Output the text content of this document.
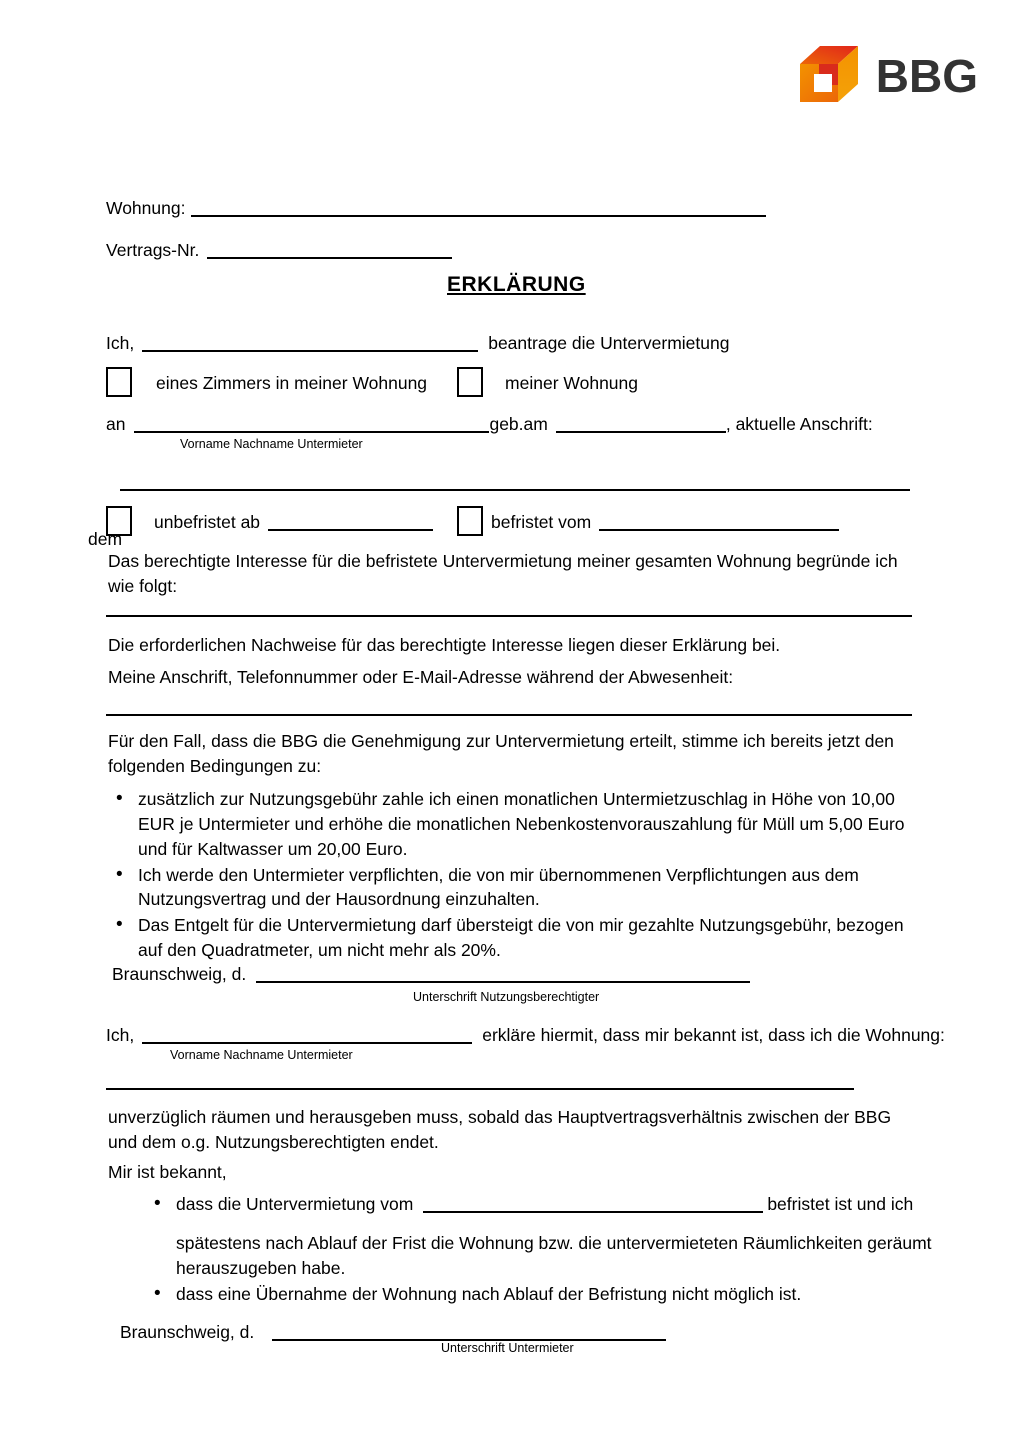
BBG
Wohnung:
Vertrags-Nr.
ERKLÄRUNG
Ich,	beantrage die Untervermietung
eines Zimmers in meiner Wohnung	meiner Wohnung
an	geb.am	, aktuelle Anschrift:
Vorname Nachname Untermieter
unbefristet ab	befristet vom
dem
Das berechtigte Interesse für die befristete Untervermietung meiner gesamten Wohnung begründe ich wie folgt:
Die erforderlichen Nachweise für das berechtigte Interesse liegen dieser Erklärung bei.
Meine Anschrift, Telefonnummer oder E-Mail-Adresse während der Abwesenheit:
Für den Fall, dass die BBG die Genehmigung zur Untervermietung erteilt, stimme ich bereits jetzt den folgenden Bedingungen zu:
• zusätzlich zur Nutzungsgebühr zahle ich einen monatlichen Untermietzuschlag in Höhe von 10,00 EUR je Untermieter und erhöhe die monatlichen Nebenkostenvorauszahlung für Müll um 5,00 Euro und für Kaltwasser um 20,00 Euro.
• Ich werde den Untermieter verpflichten, die von mir übernommenen Verpflichtungen aus dem Nutzungsvertrag und der Hausordnung einzuhalten.
• Das Entgelt für die Untervermietung darf übersteigt die von mir gezahlte Nutzungsgebühr, bezogen auf den Quadratmeter, um nicht mehr als 20%.
Braunschweig, d.
Unterschrift Nutzungsberechtigter
Ich,	erkläre hiermit, dass mir bekannt ist, dass ich die Wohnung:
Vorname Nachname Untermieter
unverzüglich räumen und herausgeben muss, sobald das Hauptvertragsverhältnis zwischen der BBG und dem o.g. Nutzungsberechtigten endet.
Mir ist bekannt,
• dass die Untervermietung vom	befristet ist und ich
spätestens nach Ablauf der Frist die Wohnung bzw. die untervermieteten Räumlichkeiten geräumt herauszugeben habe.
• dass eine Übernahme der Wohnung nach Ablauf der Befristung nicht möglich ist.
Braunschweig, d.
Unterschrift Untermieter
